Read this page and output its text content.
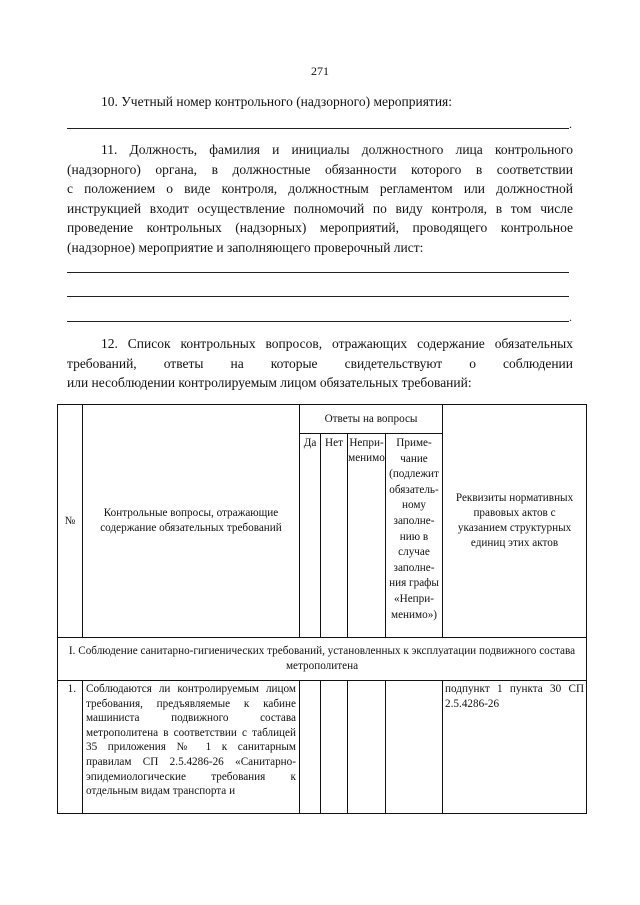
271
10. Учетный номер контрольного (надзорного) мероприятия:
.
11. Должность, фамилия и инициалы должностного лица контрольного
(надзорного) органа, в должностные обязанности которого в соответствии
с положением о виде контроля, должностным регламентом или должностной
инструкцией входит осуществление полномочий по виду контроля, в том числе
проведение контрольных (надзорных) мероприятий, проводящего контрольное
(надзорное) мероприятие и заполняющего проверочный лист:
.
12. Список контрольных вопросов, отражающих содержание обязательных
требований, ответы на которые свидетельствуют о соблюдении
или несоблюдении контролируемым лицом обязательных требований:
№	Контрольные вопросы, отражающие содержание обязательных требований	Ответы на вопросы				Реквизиты нормативных правовых актов с указанием структурных единиц этих актов
		Да	Нет	Непри-менимо	Приме-чание (подлежит обязатель-ному заполне-нию в случае заполне-ния графы «Непри-менимо»)	
I. Соблюдение санитарно-гигиенических требований, установленных к эксплуатации подвижного состава метрополитена						
1.	Соблюдаются ли контролируемым лицом требования, предъявляемые к кабине машиниста подвижного состава метрополитена в соответствии с таблицей 35 приложения № 1 к санитарным правилам СП 2.5.4286-26 «Санитарно-эпидемиологические требования к отдельным видам транспорта и					подпункт 1 пункта 30 СП 2.5.4286-26
